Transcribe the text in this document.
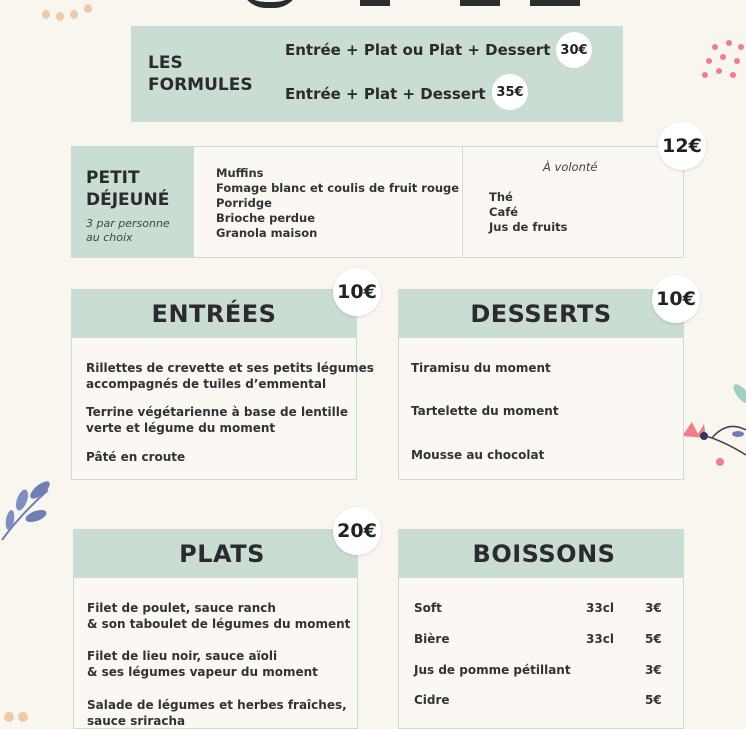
LES
FORMULES
Entrée + Plat ou Plat + Dessert 30€
Entrée + Plat + Dessert 35€
PETIT
DÉJEUNÉ
3 par personne
au choix
Muffins
Fomage blanc et coulis de fruit rouge
Porridge
Brioche perdue
Granola maison
À volonté
Thé
Café
Jus de fruits
12€
ENTRÉES
10€
Rillettes de crevette et ses petits légumes
accompagnés de tuiles d’emmental
Terrine végétarienne à base de lentille
verte et légume du moment
Pâté en croute
DESSERTS
10€
Tiramisu du moment
Tartelette du moment
Mousse au chocolat
PLATS
20€
Filet de poulet, sauce ranch
& son taboulet de légumes du moment
Filet de lieu noir, sauce aïoli
& ses légumes vapeur du moment
Salade de légumes et herbes fraîches,
sauce sriracha
BOISSONS
Soft	33cl	3€
Bière	33cl	5€
Jus de pomme pétillant	3€
Cidre	5€
